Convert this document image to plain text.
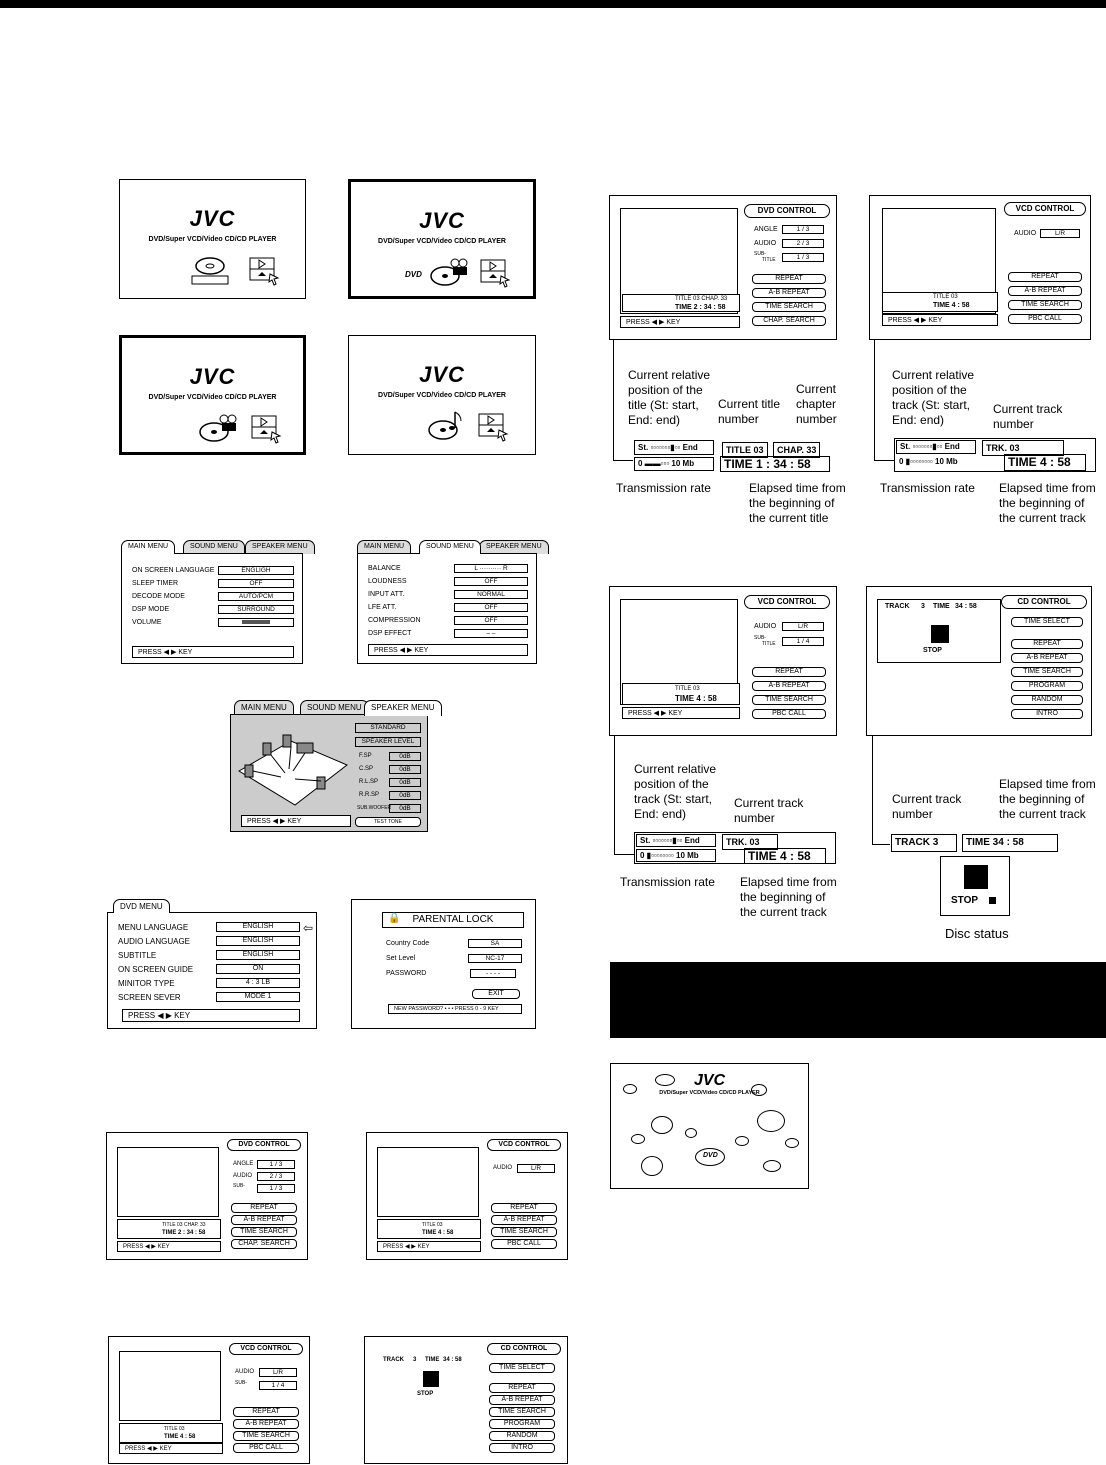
JVC
DVD/Super VCD/Video CD/CD PLAYER
JVC
DVD/Super VCD/Video CD/CD PLAYER
DVD
JVC
DVD/Super VCD/Video CD/CD PLAYER
JVC
DVD/Super VCD/Video CD/CD PLAYER
MAIN MENU	SOUND MENU	SPEAKER MENU
ON SCREEN LANGUAGE	ENGLIGH
SLEEP TIMER	OFF
DECODE MODE	AUTO/PCM
DSP MODE	SURROUND
VOLUME
PRESS ◀ ▶ KEY
MAIN MENU	SOUND MENU	SPEAKER MENU
BALANCE	L ·········· R
LOUDNESS	OFF
INPUT ATT.	NORMAL
LFE ATT.	OFF
COMPRESSION	OFF
DSP EFFECT	– –
PRESS ◀ ▶ KEY
MAIN MENU	SOUND MENU	SPEAKER MENU
STANDARD
SPEAKER LEVEL
F.SP	0dB
C.SP	0dB
R.L.SP	0dB
R.R.SP	0dB
SUB.WOOFER	0dB
PRESS ◀ ▶ KEY	TEST TONE
DVD MENU
MENU LANGUAGE	ENGLISH
AUDIO LANGUAGE	ENGLISH
SUBTITLE	ENGLISH
ON SCREEN GUIDE	ON
MINITOR TYPE	4 : 3 LB
SCREEN SEVER	MODE 1
PRESS ◀ ▶ KEY
⇦
PARENTAL LOCK
🔒
Country Code	SA
Set Level	NC-17
PASSWORD	- - - -
EXIT
NEW PASSWORD? • • • PRESS 0 - 9 KEY
DVD CONTROL
TITLE 03 CHAP. 33
TIME 2 : 34 : 58
PRESS ◀ ▶ KEY
ANGLE	1 / 3
AUDIO	2 / 3
SUB-	1 / 3
REPEAT
A-B REPEAT
TIME SEARCH
CHAP. SEARCH
VCD CONTROL
TITLE 03
TIME 4 : 58
PRESS ◀ ▶ KEY
AUDIO	L/R
REPEAT
A-B REPEAT
TIME SEARCH
PBC CALL
VCD CONTROL
TITLE 03
TIME 4 : 58
PRESS ◀ ▶ KEY
AUDIO	L/R
SUB-	1 / 4
REPEAT
A-B REPEAT
TIME SEARCH
PBC CALL
CD CONTROL
TRACK 3 TIME 34 : 58
STOP
TIME SELECT
REPEAT
A-B REPEAT
TIME SEARCH
PROGRAM
RANDOM
INTRO
DVD CONTROL
TITLE 03 CHAP. 33
TIME 2 : 34 : 58
PRESS ◀ ▶ KEY
ANGLE	1 / 3
AUDIO	2 / 3
SUB-
TITLE	1 / 3
REPEAT
A-B REPEAT
TIME SEARCH
CHAP. SEARCH
Current relative
position of the
title (St: start,
End: end)
Current title
number
Current
chapter
number
St. ▫▫▫▫▫▫▫▮▫▫ End
0 ▬▬▫▫▫ 10 Mb
TITLE 03	CHAP. 33
TIME 1 : 34 : 58
Transmission rate	Elapsed time from
the beginning of
the current title
VCD CONTROL
TITLE 03
TIME 4 : 58
PRESS ◀ ▶ KEY
AUDIO	L/R
REPEAT
A-B REPEAT
TIME SEARCH
PBC CALL
Current relative
position of the
track (St: start,
End: end)
Current track
number
St. ▫▫▫▫▫▫▫▮▫▫ End
0 ▮▫▫▫▫▫▫▫▫ 10 Mb
TRK. 03
TIME 4 : 58
Transmission rate Elapsed time from
the beginning of
the current track
VCD CONTROL
TITLE 03
TIME 4 : 58
PRESS ◀ ▶ KEY
AUDIO	L/R
SUB-
TITLE	1 / 4
REPEAT
A-B REPEAT
TIME SEARCH
PBC CALL
Current relative
position of the
track (St: start,
End: end)
Current track
number
St. ▫▫▫▫▫▫▫▮▫▫ End
0 ▮▫▫▫▫▫▫▫▫ 10 Mb
TRK. 03
TIME 4 : 58
Transmission rate Elapsed time from
the beginning of
the current track
CD CONTROL
TRACK 3 TIME 34 : 58
STOP
TIME SELECT
REPEAT
A-B REPEAT
TIME SEARCH
PROGRAM
RANDOM
INTRO
Current track
number
Elapsed time from
the beginning of
the current track
TRACK 3	TIME 34 : 58
STOP
Disc status
JVC
DVD/Super VCD/Video CD/CD PLAYER
DVD
